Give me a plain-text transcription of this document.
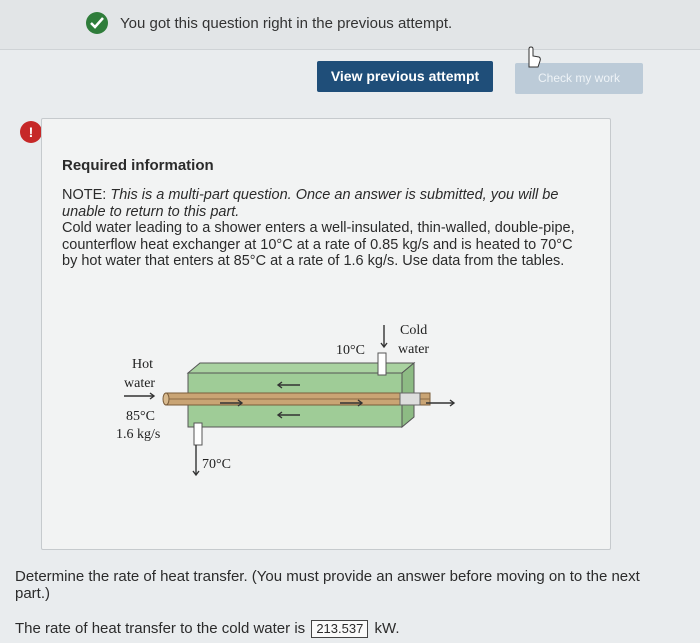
You got this question right in the previous attempt.
View previous attempt	Check my work
!
Required information
NOTE: This is a multi-part question. Once an answer is submitted, you will be unable to return to this part.
Cold water leading to a shower enters a well-insulated, thin-walled, double-pipe, counterflow heat exchanger at 10°C at a rate of 0.85 kg/s and is heated to 70°C by hot water that enters at 85°C at a rate of 1.6 kg/s. Use data from the tables.
Hot
water
85°C
1.6 kg/s
70°C
10°C
Cold
water
Determine the rate of heat transfer. (You must provide an answer before moving on to the next part.)
The rate of heat transfer to the cold water is 213.537 kW.
